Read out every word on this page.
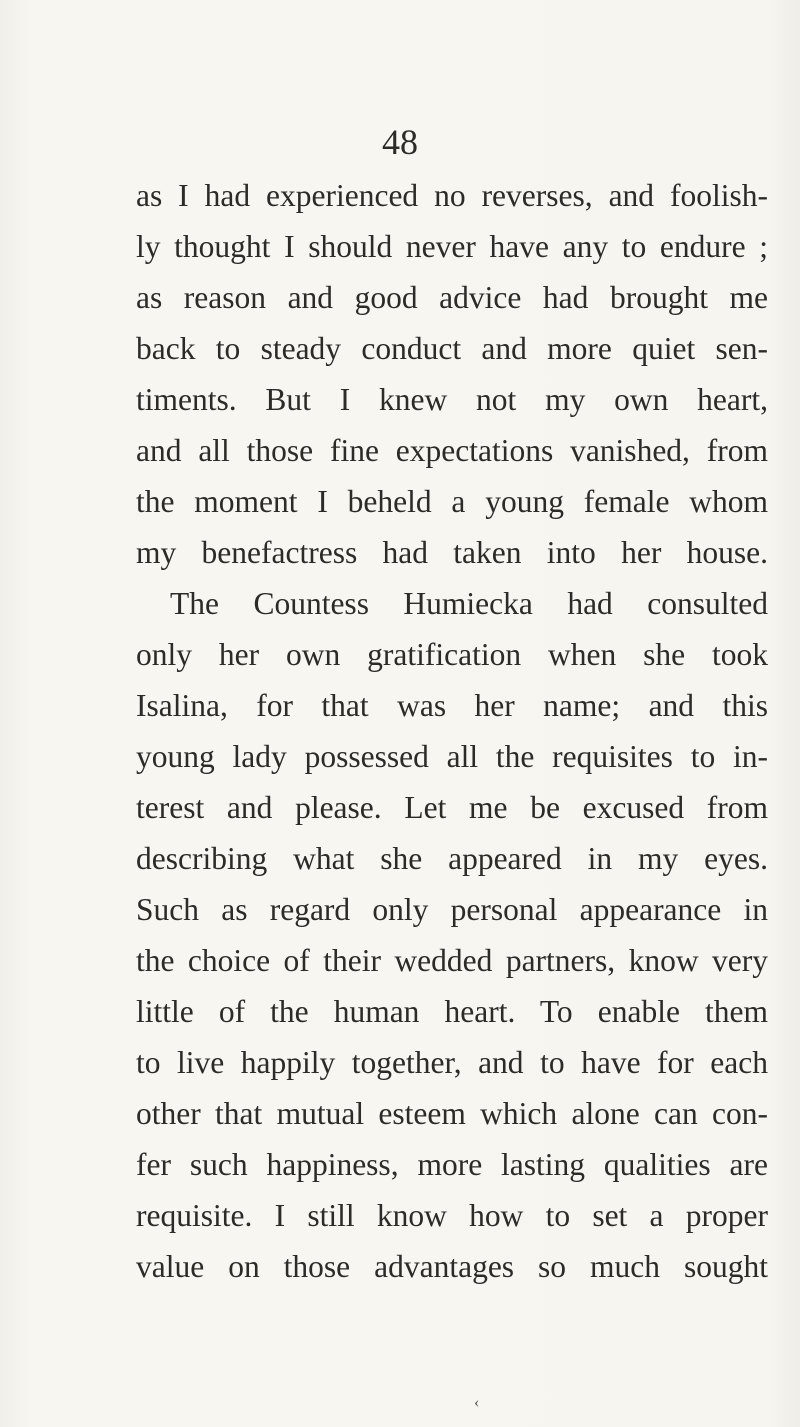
48
as I had experienced no reverses, and foolish-
ly thought I should never have any to endure ;
as reason and good advice had brought me
back to steady conduct and more quiet sen-
timents. But I knew not my own heart,
and all those fine expectations vanished, from
the moment I beheld a young female whom
my benefactress had taken into her house.
The Countess Humiecka had consulted
only her own gratification when she took
Isalina, for that was her name; and this
young lady possessed all the requisites to in-
terest and please. Let me be excused from
describing what she appeared in my eyes.
Such as regard only personal appearance in
the choice of their wedded partners, know very
little of the human heart. To enable them
to live happily together, and to have for each
other that mutual esteem which alone can con-
fer such happiness, more lasting qualities are
requisite. I still know how to set a proper
value on those advantages so much sought
‹
